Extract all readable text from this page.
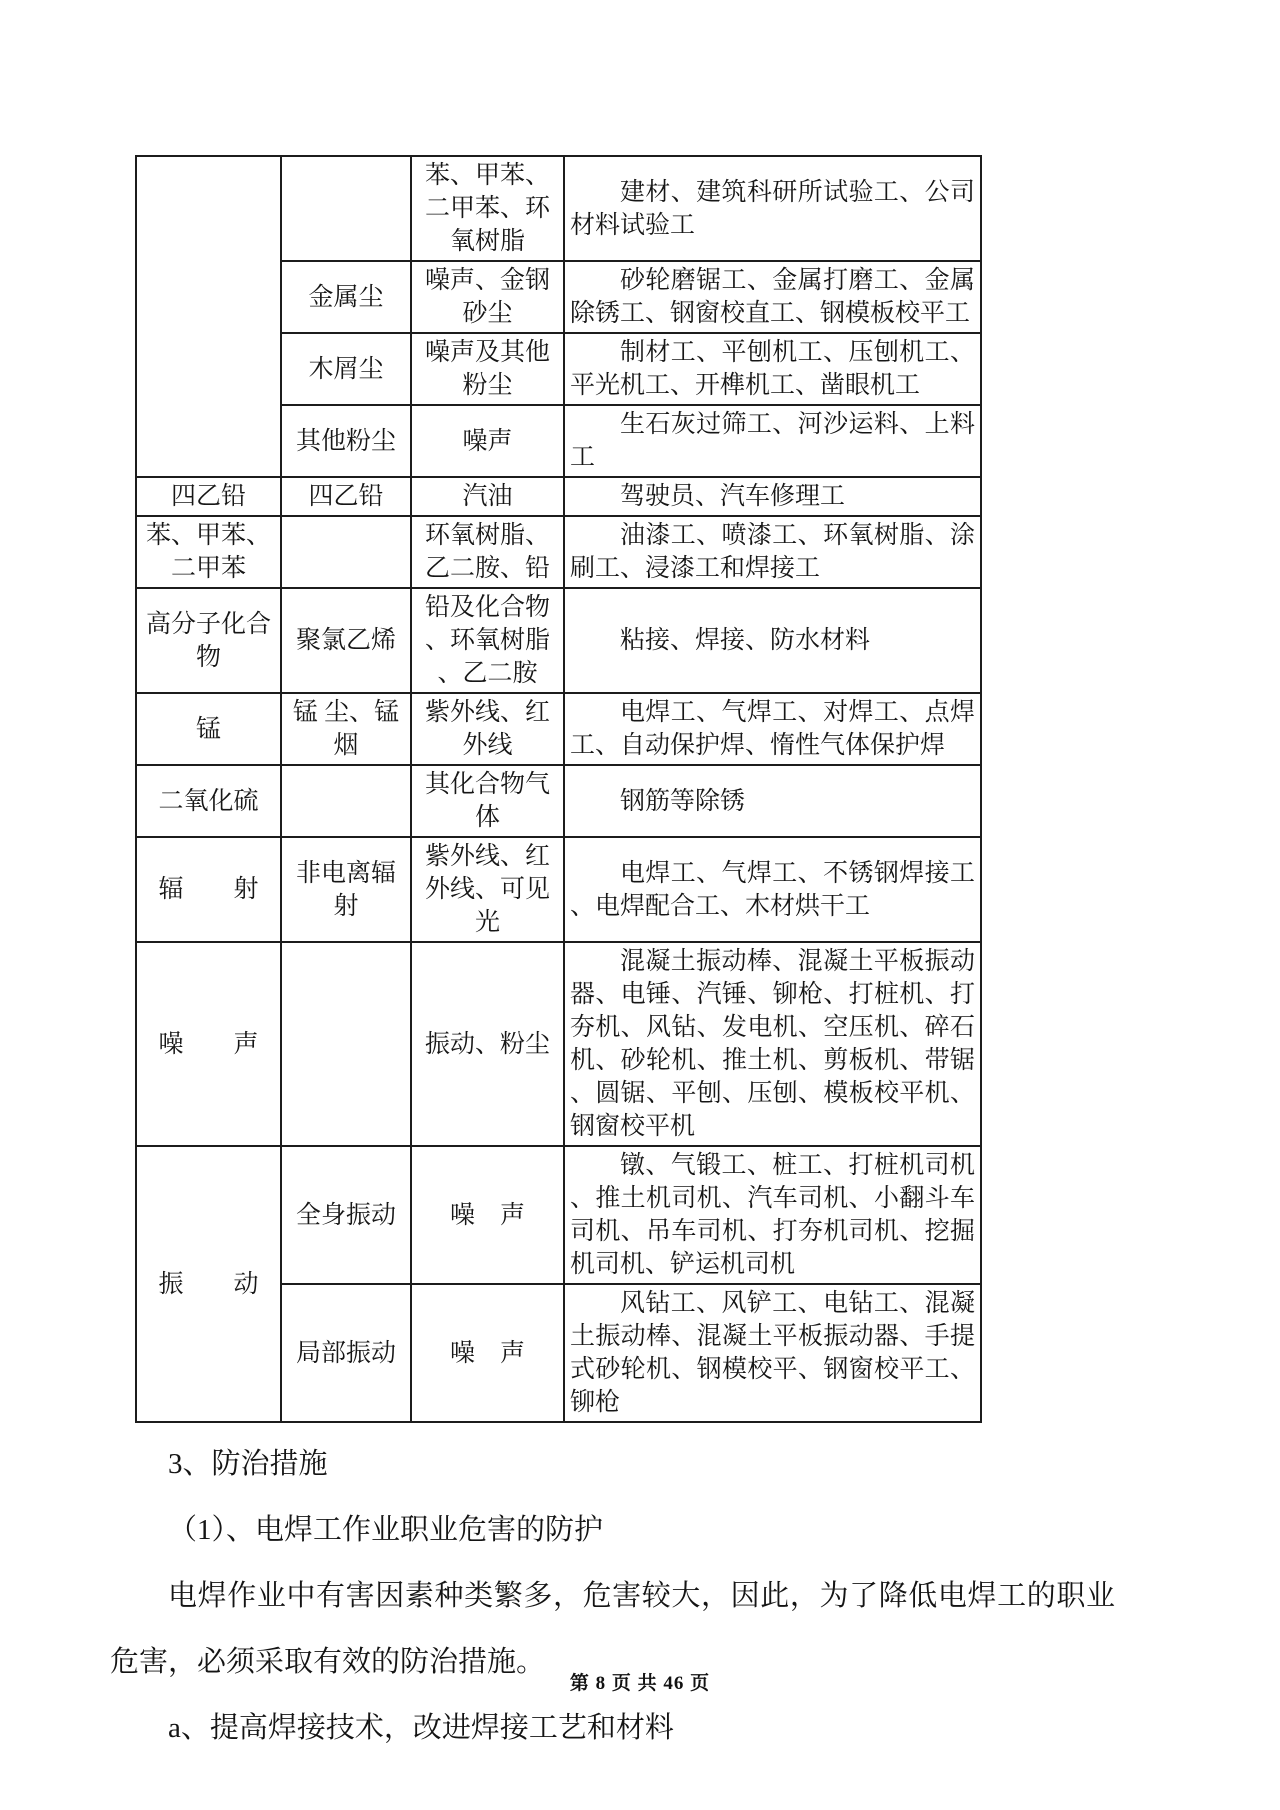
		苯、甲苯、二甲苯、环氧树脂	建材、建筑科研所试验工、公司材料试验工
	金属尘	噪声、金钢砂尘	砂轮磨锯工、金属打磨工、金属除锈工、钢窗校直工、钢模板校平工
	木屑尘	噪声及其他粉尘	制材工、平刨机工、压刨机工、平光机工、开榫机工、凿眼机工
	其他粉尘	噪声	生石灰过筛工、河沙运料、上料工
四乙铅	四乙铅	汽油	驾驶员、汽车修理工
苯、甲苯、二甲苯		环氧树脂、乙二胺、铅	油漆工、喷漆工、环氧树脂、涂刷工、浸漆工和焊接工
高分子化合物	聚氯乙烯	铅及化合物、环氧树脂、乙二胺	粘接、焊接、防水材料
锰	锰 尘、锰 烟	紫外线、红外线	电焊工、气焊工、对焊工、点焊工、自动保护焊、惰性气体保护焊
二氧化硫		其化合物气体	钢筋等除锈
辐　　射	非电离辐射	紫外线、红外线、可见光	电焊工、气焊工、不锈钢焊接工、电焊配合工、木材烘干工
噪　　声		振动、粉尘	混凝土振动棒、混凝土平板振动器、电锤、汽锤、铆枪、打桩机、打夯机、风钻、发电机、空压机、碎石机、砂轮机、推土机、剪板机、带锯、圆锯、平刨、压刨、模板校平机、钢窗校平机
振　　动	全身振动	噪　声	镦、气锻工、桩工、打桩机司机、推土机司机、汽车司机、小翻斗车司机、吊车司机、打夯机司机、挖掘机司机、铲运机司机
	局部振动	噪　声	风钻工、风铲工、电钻工、混凝土振动棒、混凝土平板振动器、手提式砂轮机、钢模校平、钢窗校平工、铆枪

3、防治措施

（1）、电焊工作业职业危害的防护

电焊作业中有害因素种类繁多，危害较大，因此，为了降低电焊工的职业危害，必须采取有效的防治措施。

a、提高焊接技术，改进焊接工艺和材料

第 8 页 共 46 页
